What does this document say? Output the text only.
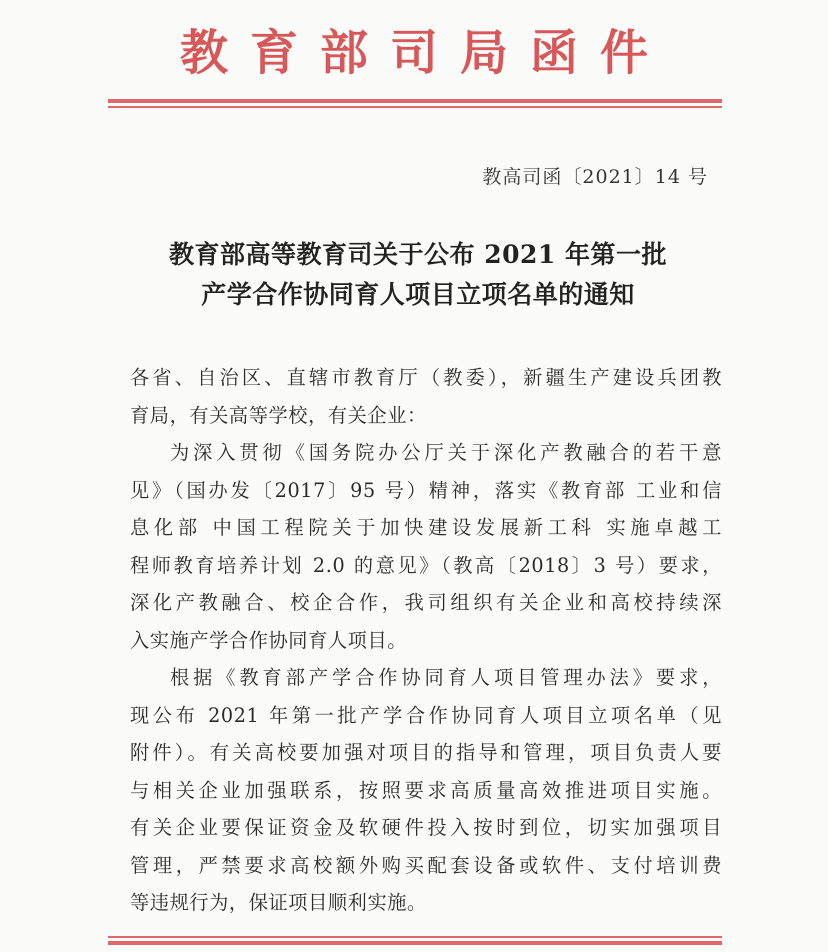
教育部司局函件
教高司函〔2021〕14 号
教育部高等教育司关于公布 2021 年第一批
产学合作协同育人项目立项名单的通知
各省、自治区、直辖市教育厅（教委），新疆生产建设兵团教
育局，有关高等学校，有关企业：
为深入贯彻《国务院办公厅关于深化产教融合的若干意
见》（国办发〔2017〕95 号）精神，落实《教育部 工业和信
息化部 中国工程院关于加快建设发展新工科 实施卓越工
程师教育培养计划 2.0 的意见》（教高〔2018〕3 号）要求，
深化产教融合、校企合作，我司组织有关企业和高校持续深
入实施产学合作协同育人项目。
根据《教育部产学合作协同育人项目管理办法》要求，
现公布 2021 年第一批产学合作协同育人项目立项名单（见
附件）。有关高校要加强对项目的指导和管理，项目负责人要
与相关企业加强联系，按照要求高质量高效推进项目实施。
有关企业要保证资金及软硬件投入按时到位，切实加强项目
管理，严禁要求高校额外购买配套设备或软件、支付培训费
等违规行为，保证项目顺利实施。
